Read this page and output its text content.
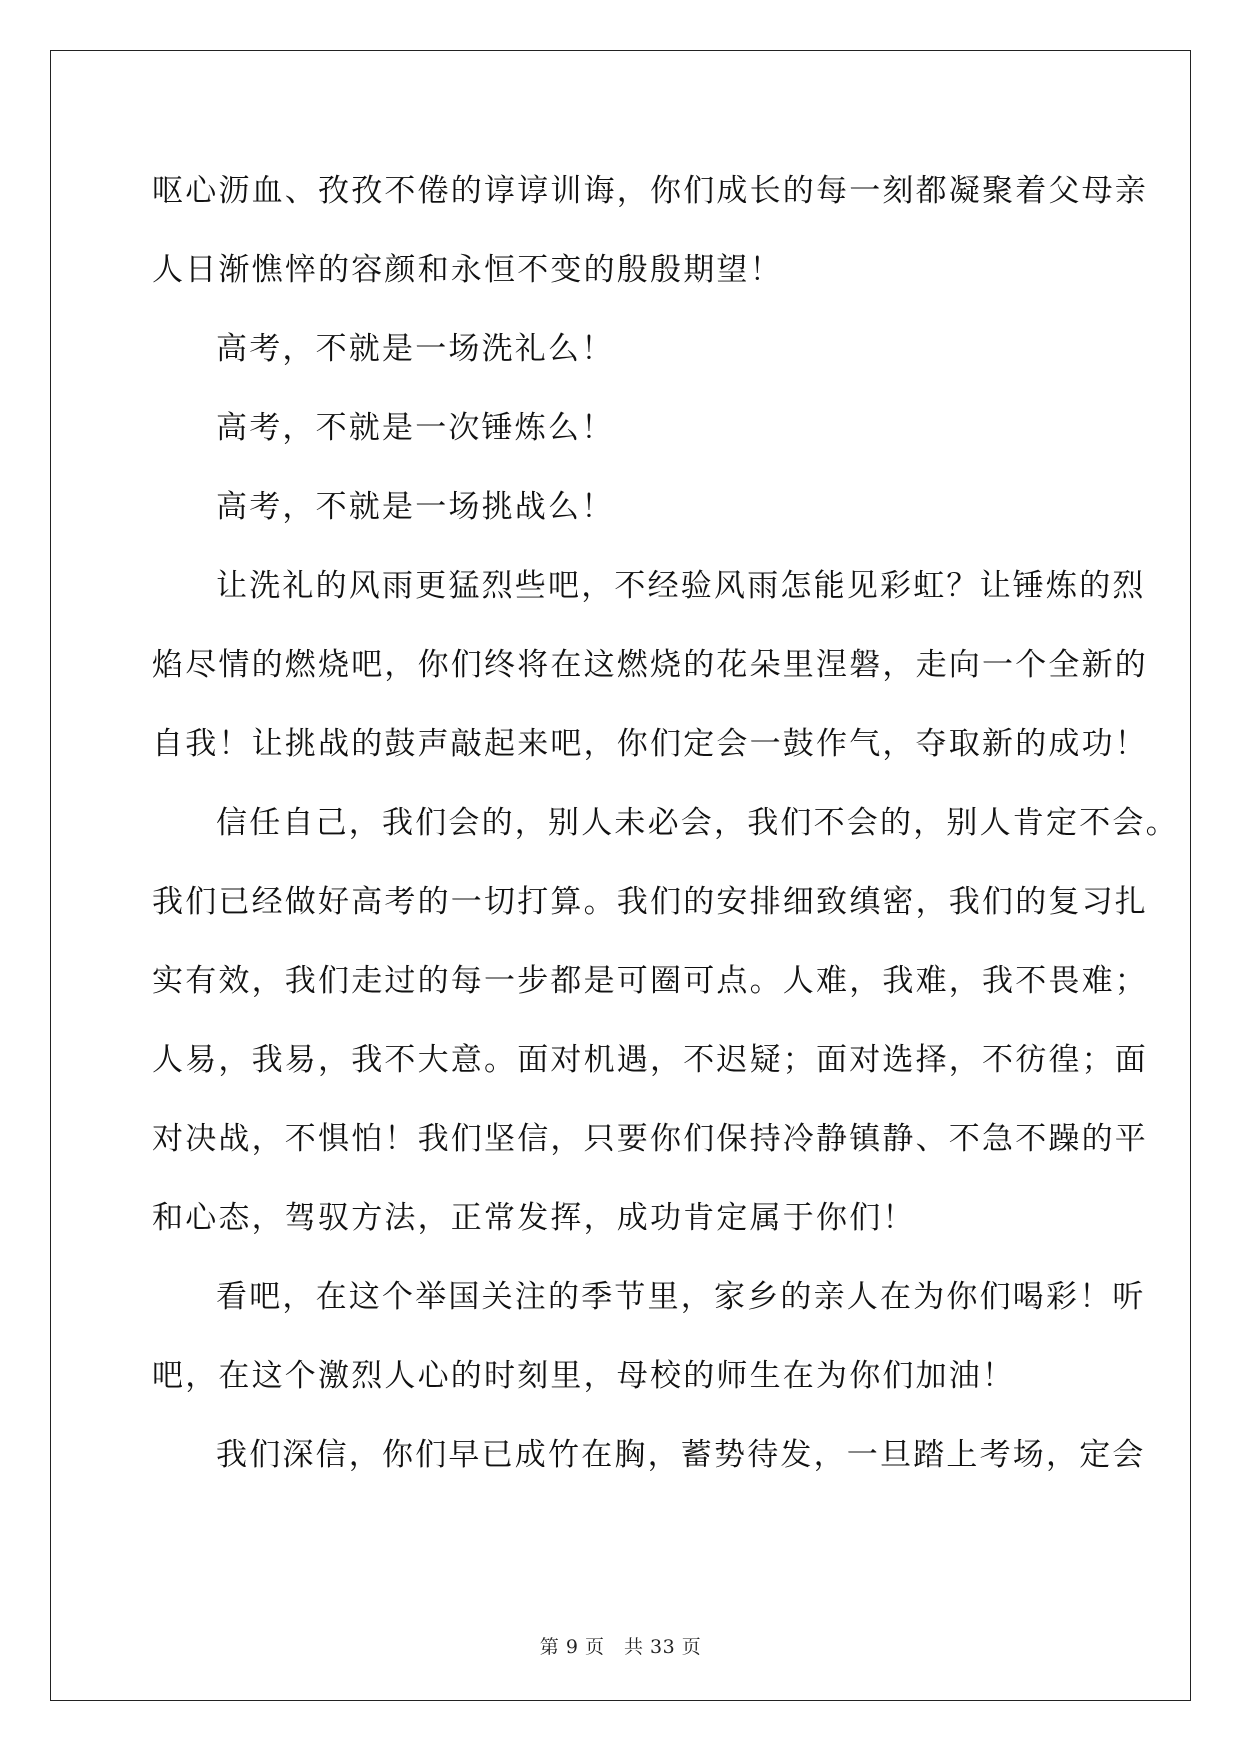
呕心沥血、孜孜不倦的谆谆训诲，你们成长的每一刻都凝聚着父母亲
人日渐憔悴的容颜和永恒不变的殷殷期望！
高考，不就是一场洗礼么！
高考，不就是一次锤炼么！
高考，不就是一场挑战么！
让洗礼的风雨更猛烈些吧，不经验风雨怎能见彩虹？让锤炼的烈
焰尽情的燃烧吧，你们终将在这燃烧的花朵里涅磐，走向一个全新的
自我！让挑战的鼓声敲起来吧，你们定会一鼓作气，夺取新的成功！
信任自己，我们会的，别人未必会，我们不会的，别人肯定不会。
我们已经做好高考的一切打算。我们的安排细致缜密，我们的复习扎
实有效，我们走过的每一步都是可圈可点。人难，我难，我不畏难；
人易，我易，我不大意。面对机遇，不迟疑；面对选择，不彷徨；面
对决战，不惧怕！我们坚信，只要你们保持冷静镇静、不急不躁的平
和心态，驾驭方法，正常发挥，成功肯定属于你们！
看吧，在这个举国关注的季节里，家乡的亲人在为你们喝彩！听
吧，在这个激烈人心的时刻里，母校的师生在为你们加油！
我们深信，你们早已成竹在胸，蓄势待发，一旦踏上考场，定会
第 9 页　共 33 页
